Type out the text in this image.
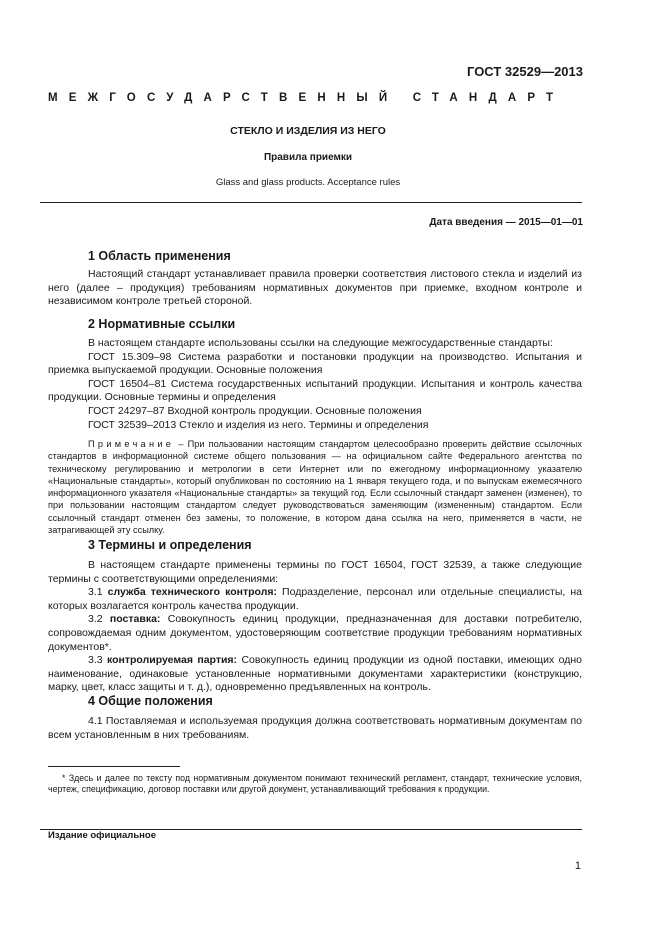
ГОСТ 32529—2013
МЕЖГОСУДАРСТВЕННЫЙ СТАНДАРТ
СТЕКЛО И ИЗДЕЛИЯ ИЗ НЕГО
Правила приемки
Glass and glass products. Acceptance rules
Дата введения — 2015—01—01
1 Область применения

Настоящий стандарт устанавливает правила проверки соответствия листового стекла и изделий из него (далее – продукция) требованиям нормативных документов при приемке, входном контроле и независимом контроле третьей стороной.

2 Нормативные ссылки

В настоящем стандарте использованы ссылки на следующие межгосударственные стандарты:

ГОСТ 15.309–98 Система разработки и постановки продукции на производство. Испытания и приемка выпускаемой продукции. Основные положения

ГОСТ 16504–81 Система государственных испытаний продукции. Испытания и контроль качества продукции. Основные термины и определения

ГОСТ 24297–87 Входной контроль продукции. Основные положения

ГОСТ 32539–2013 Стекло и изделия из него. Термины и определения

Примечание – При пользовании настоящим стандартом целесообразно проверить действие ссылочных стандартов в информационной системе общего пользования — на официальном сайте Федерального агентства по техническому регулированию и метрологии в сети Интернет или по ежегодному информационному указателю «Национальные стандарты», который опубликован по состоянию на 1 января текущего года, и по выпускам ежемесячного информационного указателя «Национальные стандарты» за текущий год. Если ссылочный стандарт заменен (изменен), то при пользовании настоящим стандартом следует руководствоваться заменяющим (измененным) стандартом. Если ссылочный стандарт отменен без замены, то положение, в котором дана ссылка на него, применяется в части, не затрагивающей эту ссылку.

3 Термины и определения

В настоящем стандарте применены термины по ГОСТ 16504, ГОСТ 32539, а также следующие термины с соответствующими определениями:

3.1 служба технического контроля: Подразделение, персонал или отдельные специалисты, на которых возлагается контроль качества продукции.

3.2 поставка: Совокупность единиц продукции, предназначенная для доставки потребителю, сопровождаемая одним документом, удостоверяющим соответствие продукции требованиям нормативных документов*.

3.3 контролируемая партия: Совокупность единиц продукции из одной поставки, имеющих одно наименование, одинаковые установленные нормативными документами характеристики (конструкцию, марку, цвет, класс защиты и т. д.), одновременно предъявленных на контроль.

4 Общие положения

4.1 Поставляемая и используемая продукция должна соответствовать нормативным документам по всем установленным в них требованиям.

* Здесь и далее по тексту под нормативным документом понимают технический регламент, стандарт, технические условия, чертеж, спецификацию, договор поставки или другой документ, устанавливающий требования к продукции.

Издание официальное
1
